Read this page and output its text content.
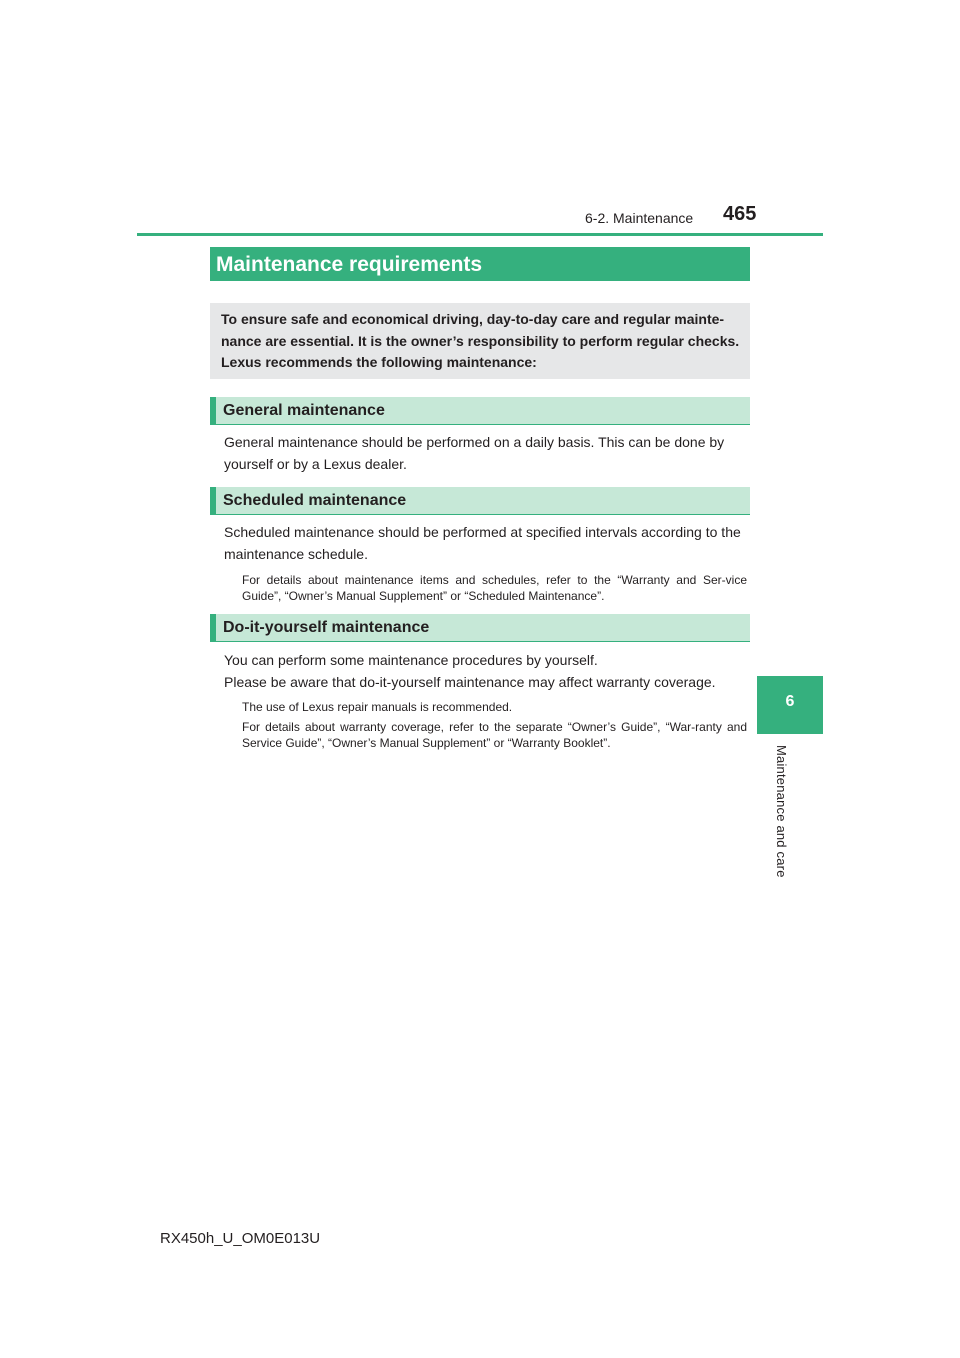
6-2. Maintenance 465
6
Maintenance and care
Maintenance requirements
To ensure safe and economical driving, day-to-day care and regular mainte-nance are essential. It is the owner’s responsibility to perform regular checks. Lexus recommends the following maintenance:
General maintenance

General maintenance should be performed on a daily basis. This can be done by yourself or by a Lexus dealer.

Scheduled maintenance

Scheduled maintenance should be performed at specified intervals according to the maintenance schedule.

For details about maintenance items and schedules, refer to the “Warranty and Ser-vice Guide”, “Owner’s Manual Supplement” or “Scheduled Maintenance”.

Do-it-yourself maintenance

You can perform some maintenance procedures by yourself.

Please be aware that do-it-yourself maintenance may affect warranty coverage.

The use of Lexus repair manuals is recommended.

For details about warranty coverage, refer to the separate “Owner’s Guide”, “War-ranty and Service Guide”, “Owner’s Manual Supplement” or “Warranty Booklet”.

RX450h_U_OM0E013U
